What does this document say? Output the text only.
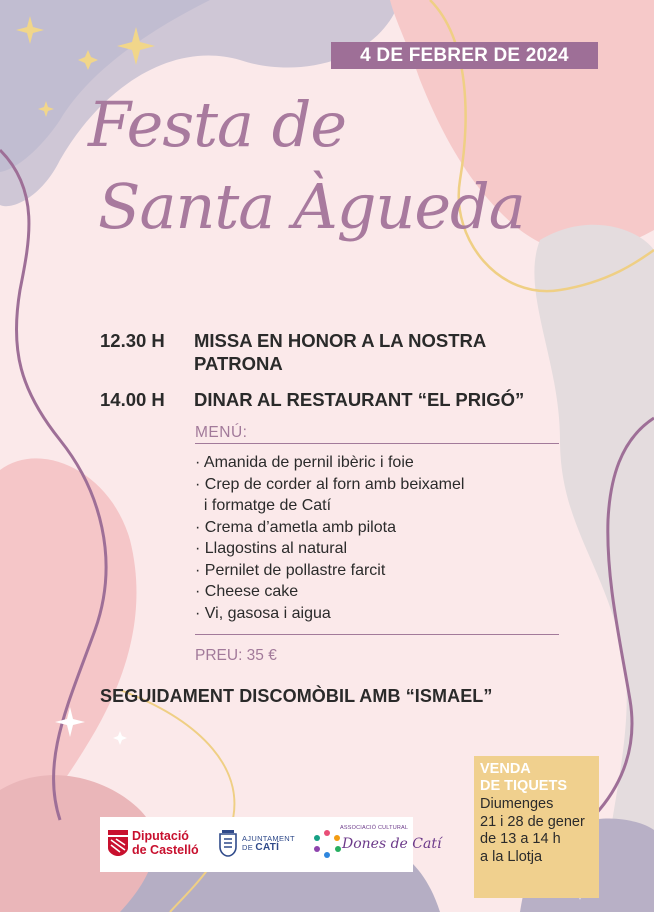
4 DE FEBRER DE 2024
Festa de
Santa Àgueda
12.30 H	MISSA EN HONOR A LA NOSTRA PATRONA
14.00 H	DINAR AL RESTAURANT “EL PRIGÓ”
MENÚ:
· Amanida de pernil ibèric i foie
· Crep de corder al forn amb beixamel
i formatge de Catí
· Crema d’ametla amb pilota
· Llagostins al natural
· Pernilet de pollastre farcit
· Cheese cake
· Vi, gasosa i aigua
PREU: 35 €
SEGUIDAMENT DISCOMÒBIL AMB “ISMAEL”
VENDA
DE TIQUETS
Diumenges
21 i 28 de gener
de 13 a 14 h
a la Llotja
Diputació
de Castelló
AJUNTAMENT
DE CATÍ
ASSOCIACIÓ CULTURAL
Dones de Catí
